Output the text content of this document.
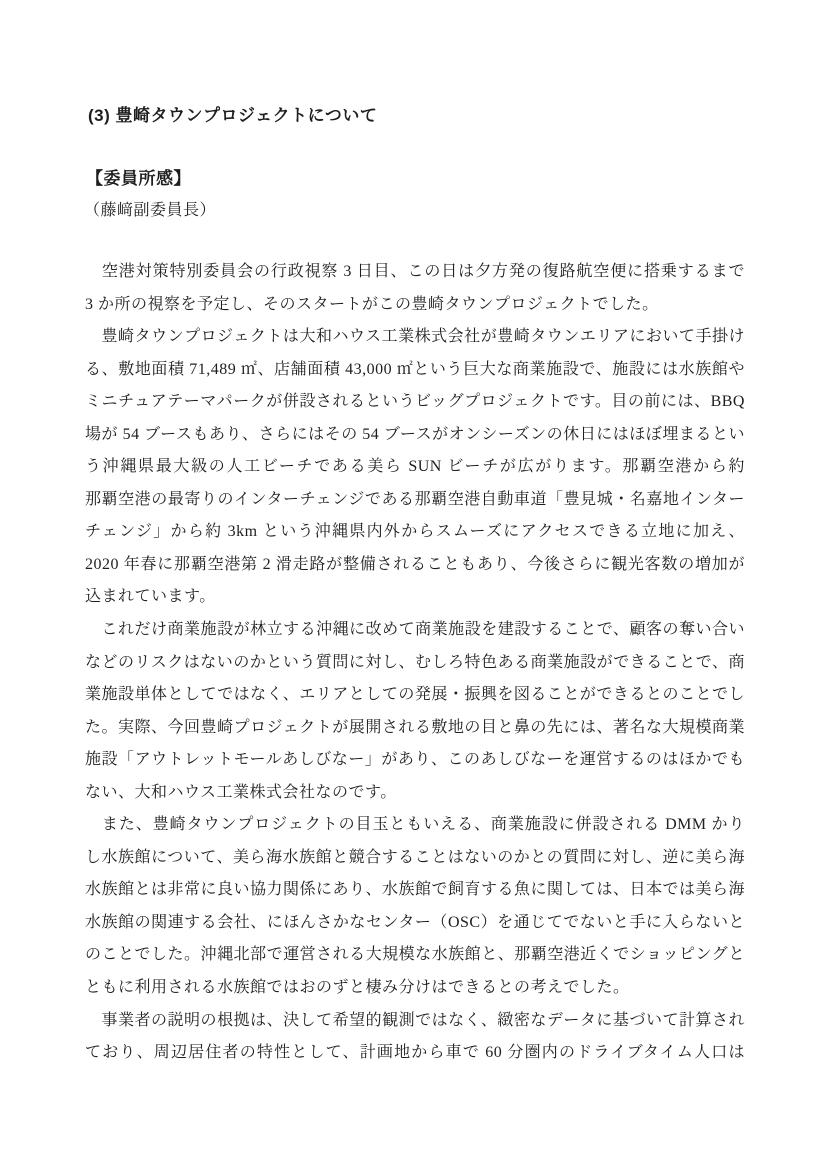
(3) 豊崎タウンプロジェクトについて
【委員所感】
（藤﨑副委員長）
　空港対策特別委員会の行政視察 3 日目、この日は夕方発の復路航空便に搭乗するまで
3 か所の視察を予定し、そのスタートがこの豊崎タウンプロジェクトでした。
　豊崎タウンプロジェクトは大和ハウス工業株式会社が豊崎タウンエリアにおいて手掛け
る、敷地面積 71,489 ㎡、店舗面積 43,000 ㎡という巨大な商業施設で、施設には水族館や
ミニチュアテーマパークが併設されるというビッグプロジェクトです。目の前には、BBQ
場が 54 ブースもあり、さらにはその 54 ブースがオンシーズンの休日にはほぼ埋まるとい
う沖縄県最大級の人工ビーチである美ら SUN ビーチが広がります。那覇空港から約
那覇空港の最寄りのインターチェンジである那覇空港自動車道「豊見城・名嘉地インター
チェンジ」から約 3km という沖縄県内外からスムーズにアクセスできる立地に加え、
2020 年春に那覇空港第 2 滑走路が整備されることもあり、今後さらに観光客数の増加が
込まれています。
　これだけ商業施設が林立する沖縄に改めて商業施設を建設することで、顧客の奪い合い
などのリスクはないのかという質問に対し、むしろ特色ある商業施設ができることで、商
業施設単体としてではなく、エリアとしての発展・振興を図ることができるとのことでし
た。実際、今回豊崎プロジェクトが展開される敷地の目と鼻の先には、著名な大規模商業
施設「アウトレットモールあしびなー」があり、このあしびなーを運営するのはほかでも
ない、大和ハウス工業株式会社なのです。
　また、豊崎タウンプロジェクトの目玉ともいえる、商業施設に併設される DMM かり
し水族館について、美ら海水族館と競合することはないのかとの質問に対し、逆に美ら海
水族館とは非常に良い協力関係にあり、水族館で飼育する魚に関しては、日本では美ら海
水族館の関連する会社、にほんさかなセンター（OSC）を通じてでないと手に入らないと
のことでした。沖縄北部で運営される大規模な水族館と、那覇空港近くでショッピングと
ともに利用される水族館ではおのずと棲み分けはできるとの考えでした。
　事業者の説明の根拠は、決して希望的観測ではなく、緻密なデータに基づいて計算され
ており、周辺居住者の特性として、計画地から車で 60 分圏内のドライブタイム人口は
